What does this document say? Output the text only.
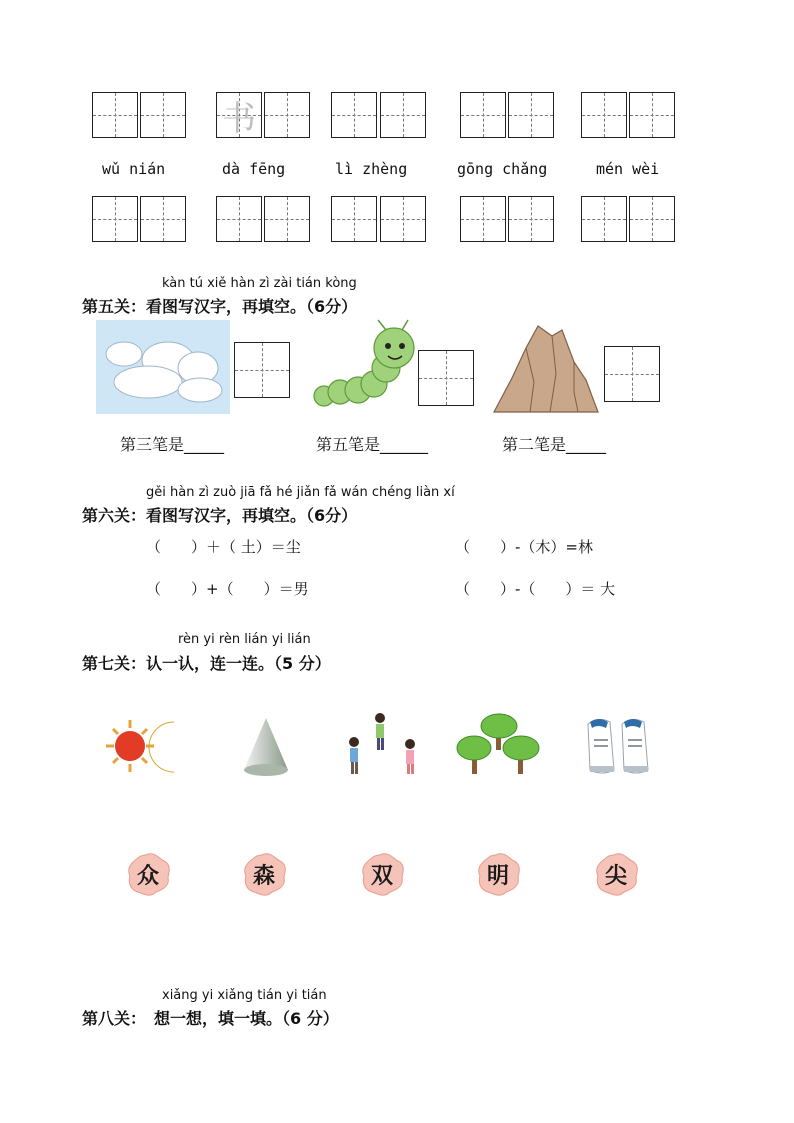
书
wǔ nián	dà fēng	lì zhèng	gōng chǎng	mén wèi
kàn tú xiě hàn zì zài tián kòng
第五关：看图写汉字，再填空。（6分）
第三笔是_____	第五笔是______	第二笔是_____
gěi hàn zì zuò jiā fǎ hé jiǎn fǎ wán chéng liàn xí
第六关：看图写汉字，再填空。（6分）
（　　）＋（ 土）＝尘	（　　）-（木）=林
（　　）+（　　）＝男	（　　）-（　　）＝ 大
rèn yi rèn lián yi lián
第七关：认一认，连一连。（5 分）
众	森	双	明	尖
xiǎng yi xiǎng tián yi tián
第八关：　想一想，填一填。（6 分）
